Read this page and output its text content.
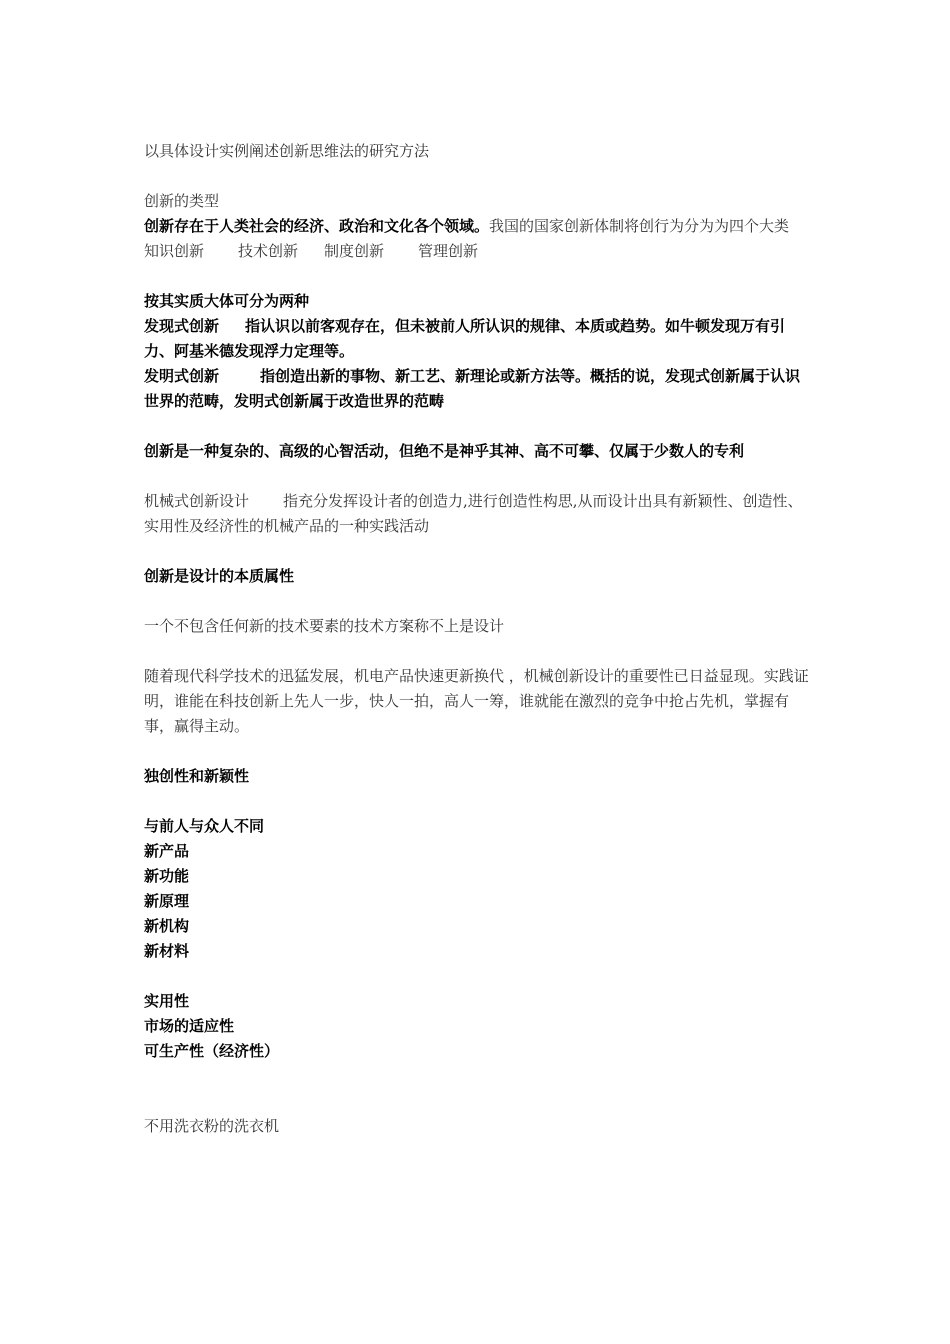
以具体设计实例阐述创新思维法的研究方法

创新的类型

创新存在于人类社会的经济、政治和文化各个领域。我国的国家创新体制将创行为分为为四个大类

知识创新 技术创新 制度创新 管理创新

按其实质大体可分为两种

发现式创新 指认识以前客观存在，但未被前人所认识的规律、本质或趋势。如牛顿发现万有引力、阿基米德发现浮力定理等。

发明式创新	指创造出新的事物、新工艺、新理论或新方法等。概括的说，发现式创新属于认识世界的范畴，发明式创新属于改造世界的范畴

创新是一种复杂的、高级的心智活动，但绝不是神乎其神、高不可攀、仅属于少数人的专利

机械式创新设计 指充分发挥设计者的创造力,进行创造性构思,从而设计出具有新颖性、创造性、实用性及经济性的机械产品的一种实践活动

创新是设计的本质属性

一个不包含任何新的技术要素的技术方案称不上是设计

随着现代科学技术的迅猛发展，机电产品快速更新换代 ，机械创新设计的重要性已日益显现。实践证明，谁能在科技创新上先人一步，快人一拍，高人一筹，谁就能在激烈的竞争中抢占先机，掌握有事，赢得主动。

独创性和新颖性

与前人与众人不同

新产品

新功能

新原理

新机构

新材料

实用性

市场的适应性

可生产性（经济性）

不用洗衣粉的洗衣机
